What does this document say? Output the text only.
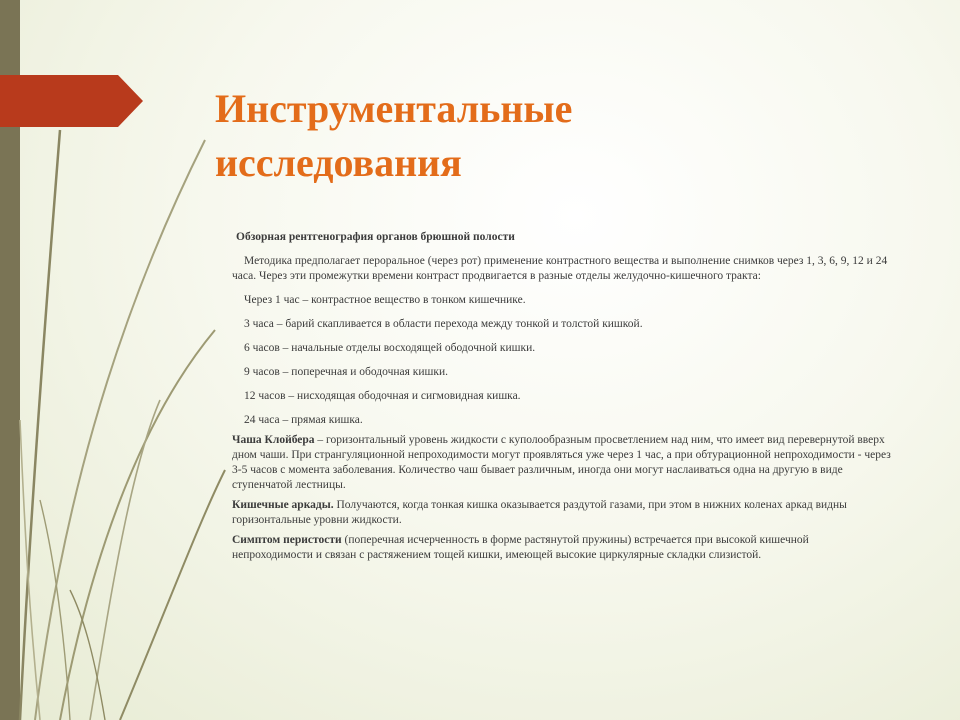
Инструментальные
исследования

Обзорная рентгенография органов брюшной полости

Методика предполагает пероральное (через рот) применение контрастного вещества и выполнение снимков через 1, 3, 6, 9, 12 и 24 часа. Через эти промежутки времени контраст продвигается в разные отделы желудочно-кишечного тракта:

Через 1 час – контрастное вещество в тонком кишечнике.

3 часа – барий скапливается в области перехода между тонкой и толстой кишкой.

6 часов – начальные отделы восходящей ободочной кишки.

9 часов – поперечная и ободочная кишки.

12 часов – нисходящая ободочная и сигмовидная кишка.

24 часа – прямая кишка.

Чаша Клойбера – горизонтальный уровень жидкости с куполообразным просветлением над ним, что имеет вид перевернутой вверх дном чаши. При странгуляционной непроходимости могут проявляться уже через 1 час, а при обтурационной непроходимости - через 3-5 часов с момента заболевания. Количество чаш бывает различным, иногда они могут наслаиваться одна на другую в виде ступенчатой лестницы.

Кишечные аркады. Получаются, когда тонкая кишка оказывается раздутой газами, при этом в нижних коленах аркад видны горизонтальные уровни жидкости.

Симптом перистости (поперечная исчерченность в форме растянутой пружины) встречается при высокой кишечной непроходимости и связан с растяжением тощей кишки, имеющей высокие циркулярные складки слизистой.
